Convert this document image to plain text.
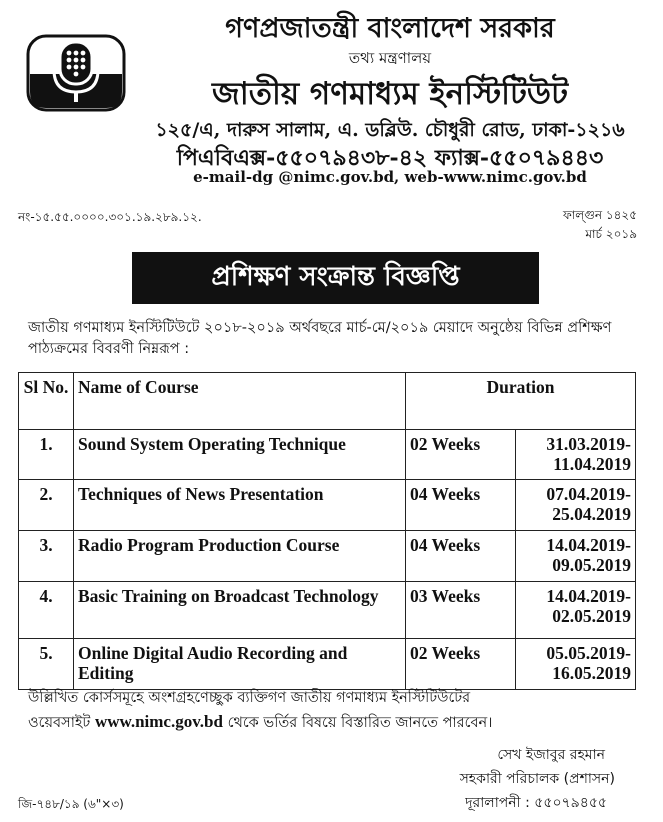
গণপ্রজাতন্ত্রী বাংলাদেশ সরকার
তথ্য মন্ত্রণালয়
জাতীয় গণমাধ্যম ইনস্টিটিউট
১২৫/এ, দারুস সালাম, এ. ডব্লিউ. চৌধুরী রোড, ঢাকা-১২১৬
পিএবিএক্স-৫৫০৭৯৪৩৮-৪২ ফ্যাক্স-৫৫০৭৯৪৪৩
e-mail-dg @nimc.gov.bd, web-www.nimc.gov.bd
নং-১৫.৫৫.০০০০.৩০১.১৯.২৮৯.১২.	ফাল্গুন ১৪২৫
মার্চ ২০১৯
প্রশিক্ষণ সংক্রান্ত বিজ্ঞপ্তি
জাতীয় গণমাধ্যম ইনস্টিটিউটে ২০১৮-২০১৯ অর্থবছরে মার্চ-মে/২০১৯ মেয়াদে অনুষ্ঠেয় বিভিন্ন প্রশিক্ষণ পাঠ্যক্রমের বিবরণী নিম্নরূপ :
Sl No.	Name of Course	Duration	
1.	Sound System Operating Technique	02 Weeks	31.03.2019- 11.04.2019
2.	Techniques of News Presentation	04 Weeks	07.04.2019- 25.04.2019
3.	Radio Program Production Course	04 Weeks	14.04.2019- 09.05.2019
4.	Basic Training on Broadcast Technology	03 Weeks	14.04.2019- 02.05.2019
5.	Online Digital Audio Recording and Editing	02 Weeks	05.05.2019- 16.05.2019
উল্লিখিত কোর্সসমূহে অংশগ্রহণেচ্ছুক ব্যক্তিগণ জাতীয় গণমাধ্যম ইনস্টিটিউটের
ওয়েবসাইট www.nimc.gov.bd থেকে ভর্তির বিষয়ে বিস্তারিত জানতে পারবেন।
সেখ ইজাবুর রহমান
সহকারী পরিচালক (প্রশাসন)
দূরালাপনী : ৫৫০৭৯৪৫৫
জি-৭৪৮/১৯ (৬"×৩)
